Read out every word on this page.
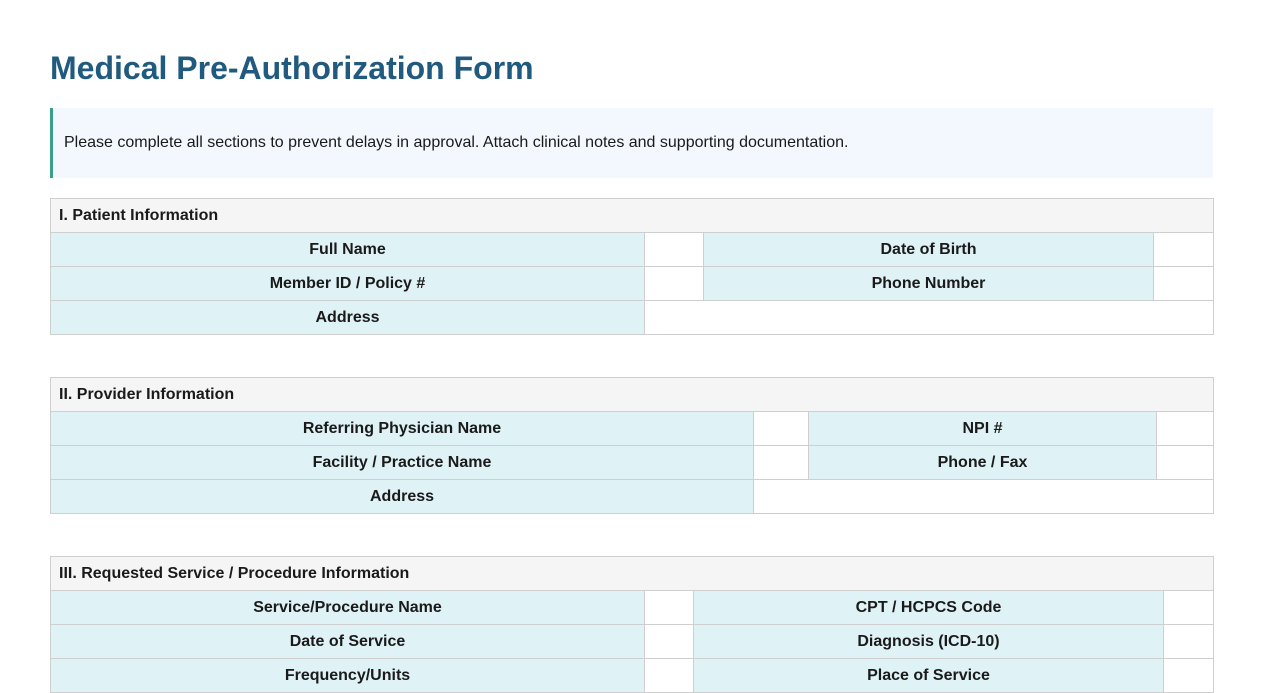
Medical Pre-Authorization Form
Please complete all sections to prevent delays in approval. Attach clinical notes and supporting documentation.
I. Patient Information			
Full Name		Date of Birth	
Member ID / Policy #		Phone Number	
Address			
II. Provider Information			
Referring Physician Name		NPI #	
Facility / Practice Name		Phone / Fax	
Address			
III. Requested Service / Procedure Information			
Service/Procedure Name		CPT / HCPCS Code	
Date of Service		Diagnosis (ICD-10)	
Frequency/Units		Place of Service	
